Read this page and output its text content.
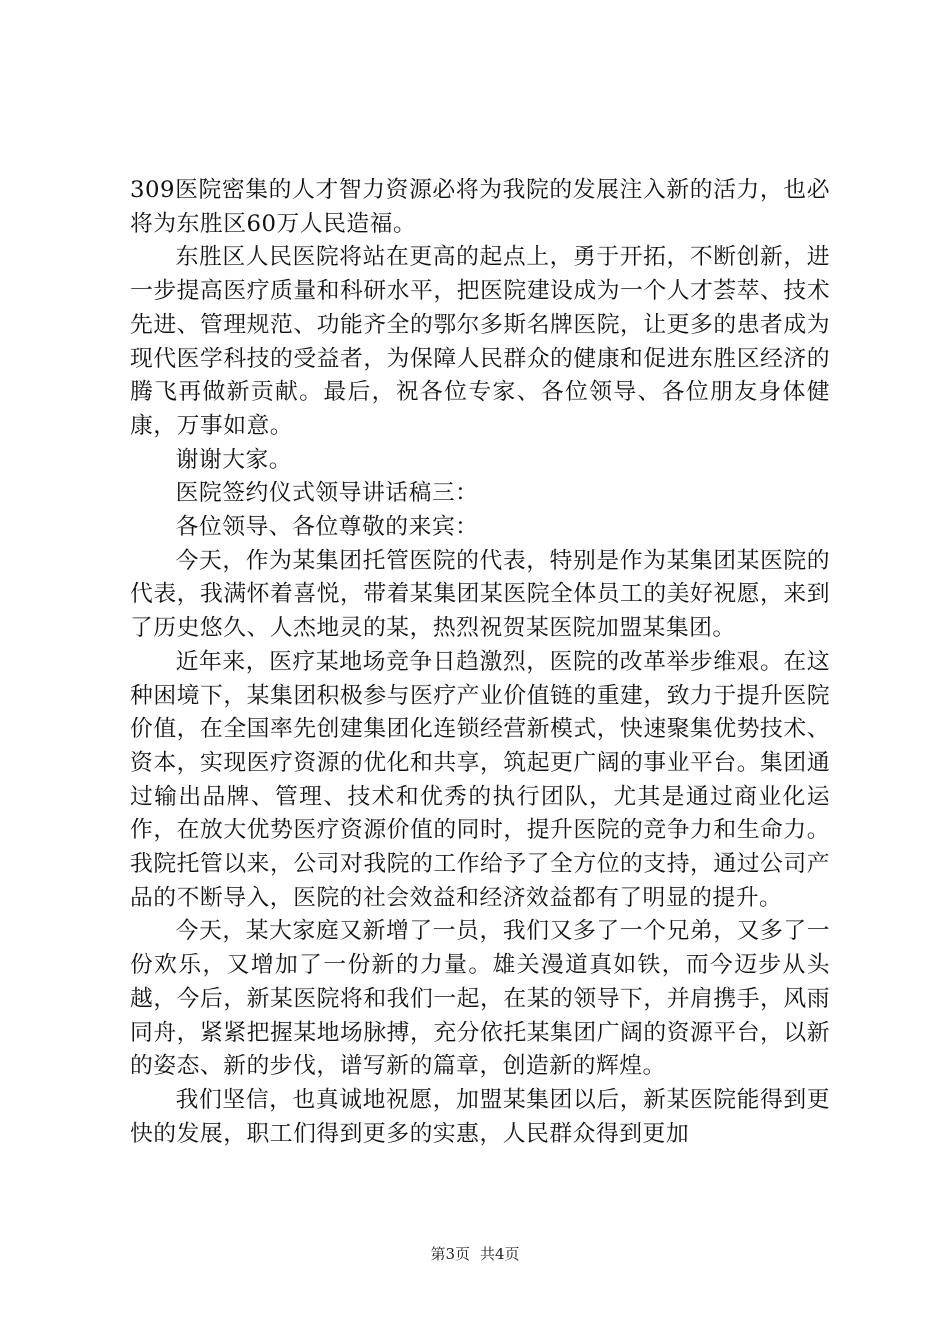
309医院密集的人才智力资源必将为我院的发展注入新的活力，也必将为东胜区60万人民造福。

东胜区人民医院将站在更高的起点上，勇于开拓，不断创新，进一步提高医疗质量和科研水平，把医院建设成为一个人才荟萃、技术先进、管理规范、功能齐全的鄂尔多斯名牌医院，让更多的患者成为现代医学科技的受益者，为保障人民群众的健康和促进东胜区经济的腾飞再做新贡献。最后，祝各位专家、各位领导、各位朋友身体健康，万事如意。

谢谢大家。

医院签约仪式领导讲话稿三：

各位领导、各位尊敬的来宾：

今天，作为某集团托管医院的代表，特别是作为某集团某医院的代表，我满怀着喜悦，带着某集团某医院全体员工的美好祝愿，来到了历史悠久、人杰地灵的某，热烈祝贺某医院加盟某集团。

近年来，医疗某地场竞争日趋激烈，医院的改革举步维艰。在这种困境下，某集团积极参与医疗产业价值链的重建，致力于提升医院价值，在全国率先创建集团化连锁经营新模式，快速聚集优势技术、资本，实现医疗资源的优化和共享，筑起更广阔的事业平台。集团通过输出品牌、管理、技术和优秀的执行团队，尤其是通过商业化运作，在放大优势医疗资源价值的同时，提升医院的竞争力和生命力。我院托管以来，公司对我院的工作给予了全方位的支持，通过公司产品的不断导入，医院的社会效益和经济效益都有了明显的提升。

今天，某大家庭又新增了一员，我们又多了一个兄弟，又多了一份欢乐，又增加了一份新的力量。雄关漫道真如铁，而今迈步从头越，今后，新某医院将和我们一起，在某的领导下，并肩携手，风雨同舟，紧紧把握某地场脉搏，充分依托某集团广阔的资源平台，以新的姿态、新的步伐，谱写新的篇章，创造新的辉煌。

我们坚信，也真诚地祝愿，加盟某集团以后，新某医院能得到更快的发展，职工们得到更多的实惠，人民群众得到更加

第3页 共4页
